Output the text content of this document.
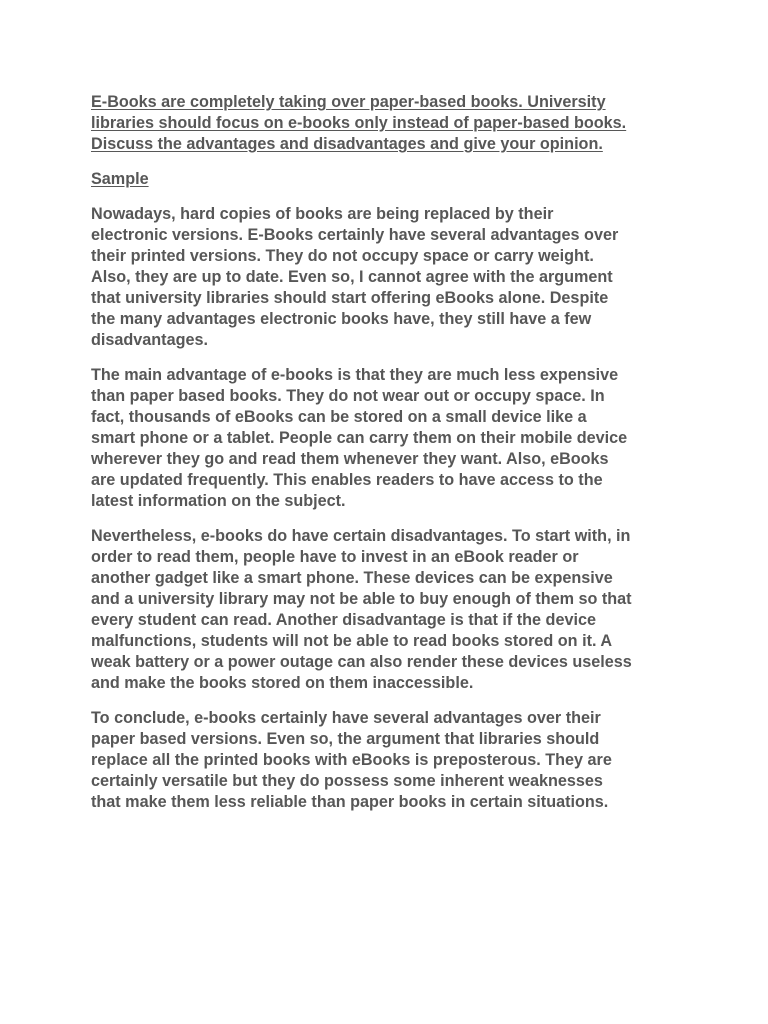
E-Books are completely taking over paper-based books. University
libraries should focus on e-books only instead of paper-based books.
Discuss the advantages and disadvantages and give your opinion.

Sample

Nowadays, hard copies of books are being replaced by their
electronic versions. E-Books certainly have several advantages over
their printed versions. They do not occupy space or carry weight.
Also, they are up to date. Even so, I cannot agree with the argument
that university libraries should start offering eBooks alone. Despite
the many advantages electronic books have, they still have a few
disadvantages.

The main advantage of e-books is that they are much less expensive
than paper based books. They do not wear out or occupy space. In
fact, thousands of eBooks can be stored on a small device like a
smart phone or a tablet. People can carry them on their mobile device
wherever they go and read them whenever they want. Also, eBooks
are updated frequently. This enables readers to have access to the
latest information on the subject.

Nevertheless, e-books do have certain disadvantages. To start with, in
order to read them, people have to invest in an eBook reader or
another gadget like a smart phone. These devices can be expensive
and a university library may not be able to buy enough of them so that
every student can read. Another disadvantage is that if the device
malfunctions, students will not be able to read books stored on it. A
weak battery or a power outage can also render these devices useless
and make the books stored on them inaccessible.

To conclude, e-books certainly have several advantages over their
paper based versions. Even so, the argument that libraries should
replace all the printed books with eBooks is preposterous. They are
certainly versatile but they do possess some inherent weaknesses
that make them less reliable than paper books in certain situations.
